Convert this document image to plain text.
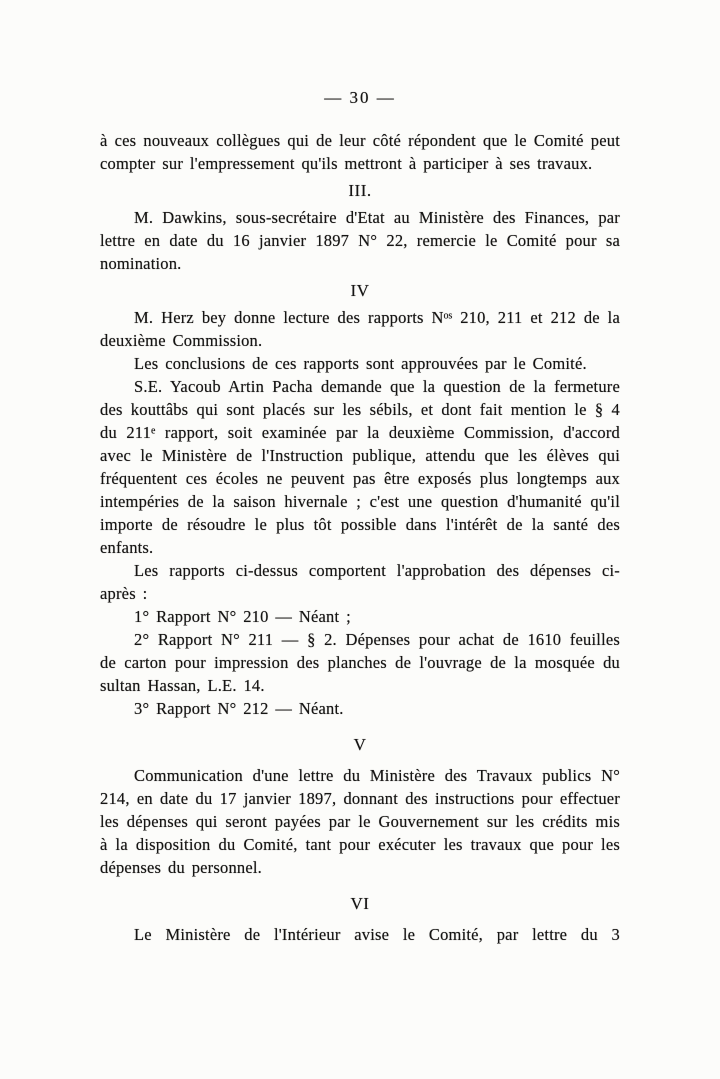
— 30 —

à ces nouveaux collègues qui de leur côté répondent que le Comité peut compter sur l'empressement qu'ils mettront à participer à ses travaux.

III.

M. Dawkins, sous-secrétaire d'Etat au Ministère des Finances, par lettre en date du 16 janvier 1897 N° 22, remercie le Comité pour sa nomination.

IV

M. Herz bey donne lecture des rapports Nᵒˢ 210, 211 et 212 de la deuxième Commission.

Les conclusions de ces rapports sont approuvées par le Comité.

S.E. Yacoub Artin Pacha demande que la question de la fermeture des kouttâbs qui sont placés sur les sébils, et dont fait mention le § 4 du 211ᵉ rapport, soit examinée par la deuxième Commission, d'accord avec le Ministère de l'Instruction publique, attendu que les élèves qui fréquentent ces écoles ne peuvent pas être exposés plus longtemps aux intempéries de la saison hivernale ; c'est une question d'humanité qu'il importe de résoudre le plus tôt possible dans l'intérêt de la santé des enfants.

Les rapports ci-dessus comportent l'approbation des dépenses ci-après :

1° Rapport N° 210 — Néant ;

2° Rapport N° 211 — § 2. Dépenses pour achat de 1610 feuilles de carton pour impression des planches de l'ouvrage de la mosquée du sultan Hassan, L.E. 14.

3° Rapport N° 212 — Néant.

V

Communication d'une lettre du Ministère des Travaux publics N° 214, en date du 17 janvier 1897, donnant des instructions pour effectuer les dépenses qui seront payées par le Gouvernement sur les crédits mis à la disposition du Comité, tant pour exécuter les travaux que pour les dépenses du personnel.

VI

Le Ministère de l'Intérieur avise le Comité, par lettre du 3
